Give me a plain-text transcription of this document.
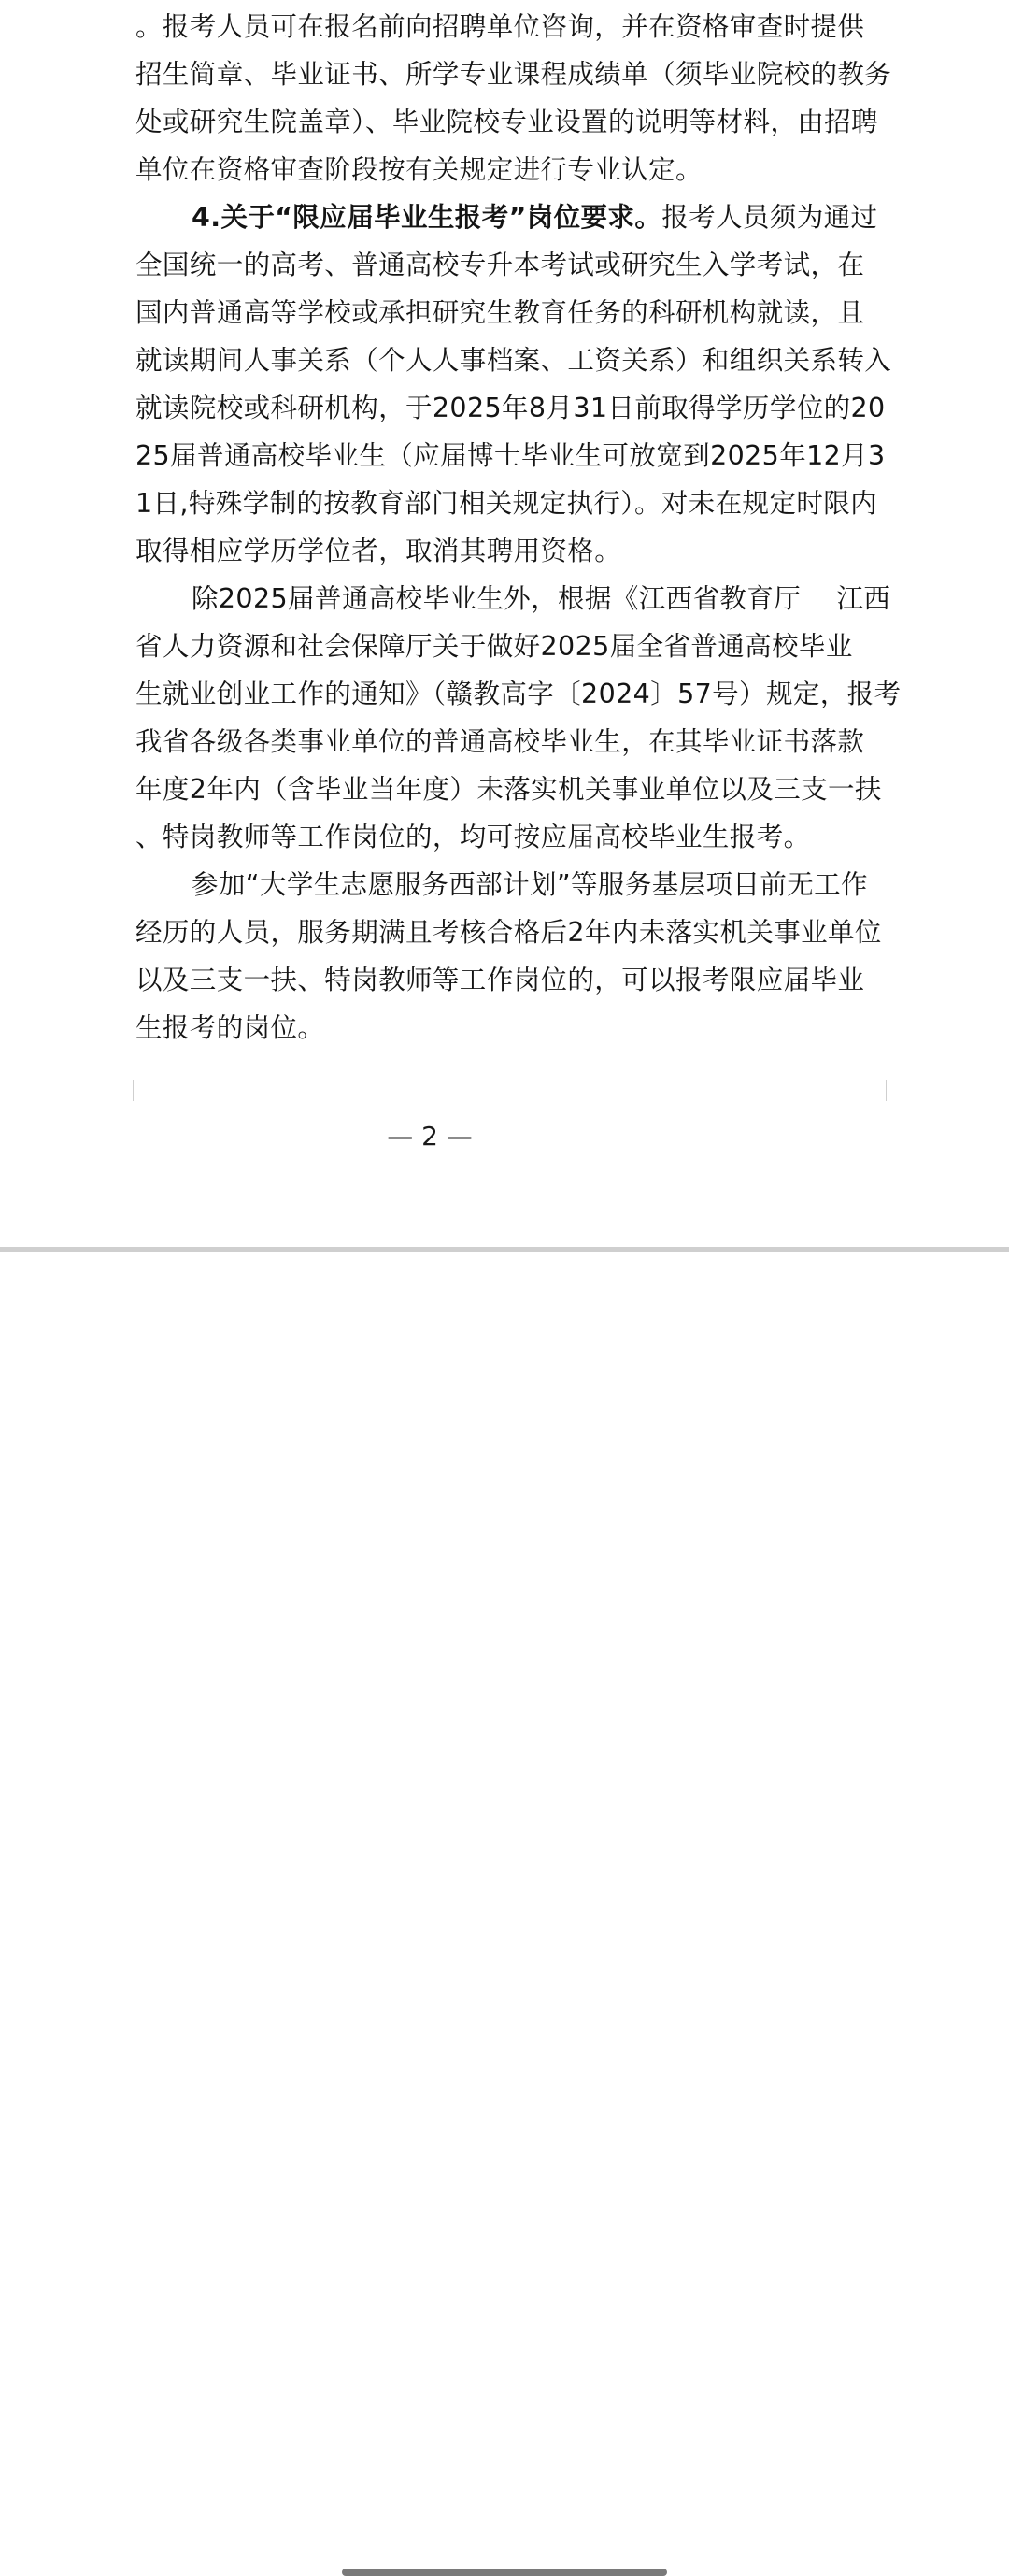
。报考人员可在报名前向招聘单位咨询，并在资格审查时提供
招生简章、毕业证书、所学专业课程成绩单（须毕业院校的教务
处或研究生院盖章）、毕业院校专业设置的说明等材料，由招聘
单位在资格审查阶段按有关规定进行专业认定。
4.关于“限应届毕业生报考”岗位要求。报考人员须为通过
全国统一的高考、普通高校专升本考试或研究生入学考试，在
国内普通高等学校或承担研究生教育任务的科研机构就读，且
就读期间人事关系（个人人事档案、工资关系）和组织关系转入
就读院校或科研机构，于2025年8月31日前取得学历学位的20
25届普通高校毕业生（应届博士毕业生可放宽到2025年12月3
1日,特殊学制的按教育部门相关规定执行）。对未在规定时限内
取得相应学历学位者，取消其聘用资格。
除2025届普通高校毕业生外，根据《江西省教育厅　 江西
省人力资源和社会保障厅关于做好2025届全省普通高校毕业
生就业创业工作的通知》（赣教高字〔2024〕57号）规定，报考
我省各级各类事业单位的普通高校毕业生，在其毕业证书落款
年度2年内（含毕业当年度）未落实机关事业单位以及三支一扶
、特岗教师等工作岗位的，均可按应届高校毕业生报考。
参加“大学生志愿服务西部计划”等服务基层项目前无工作
经历的人员，服务期满且考核合格后2年内未落实机关事业单位
以及三支一扶、特岗教师等工作岗位的，可以报考限应届毕业
生报考的岗位。
— 2 —
